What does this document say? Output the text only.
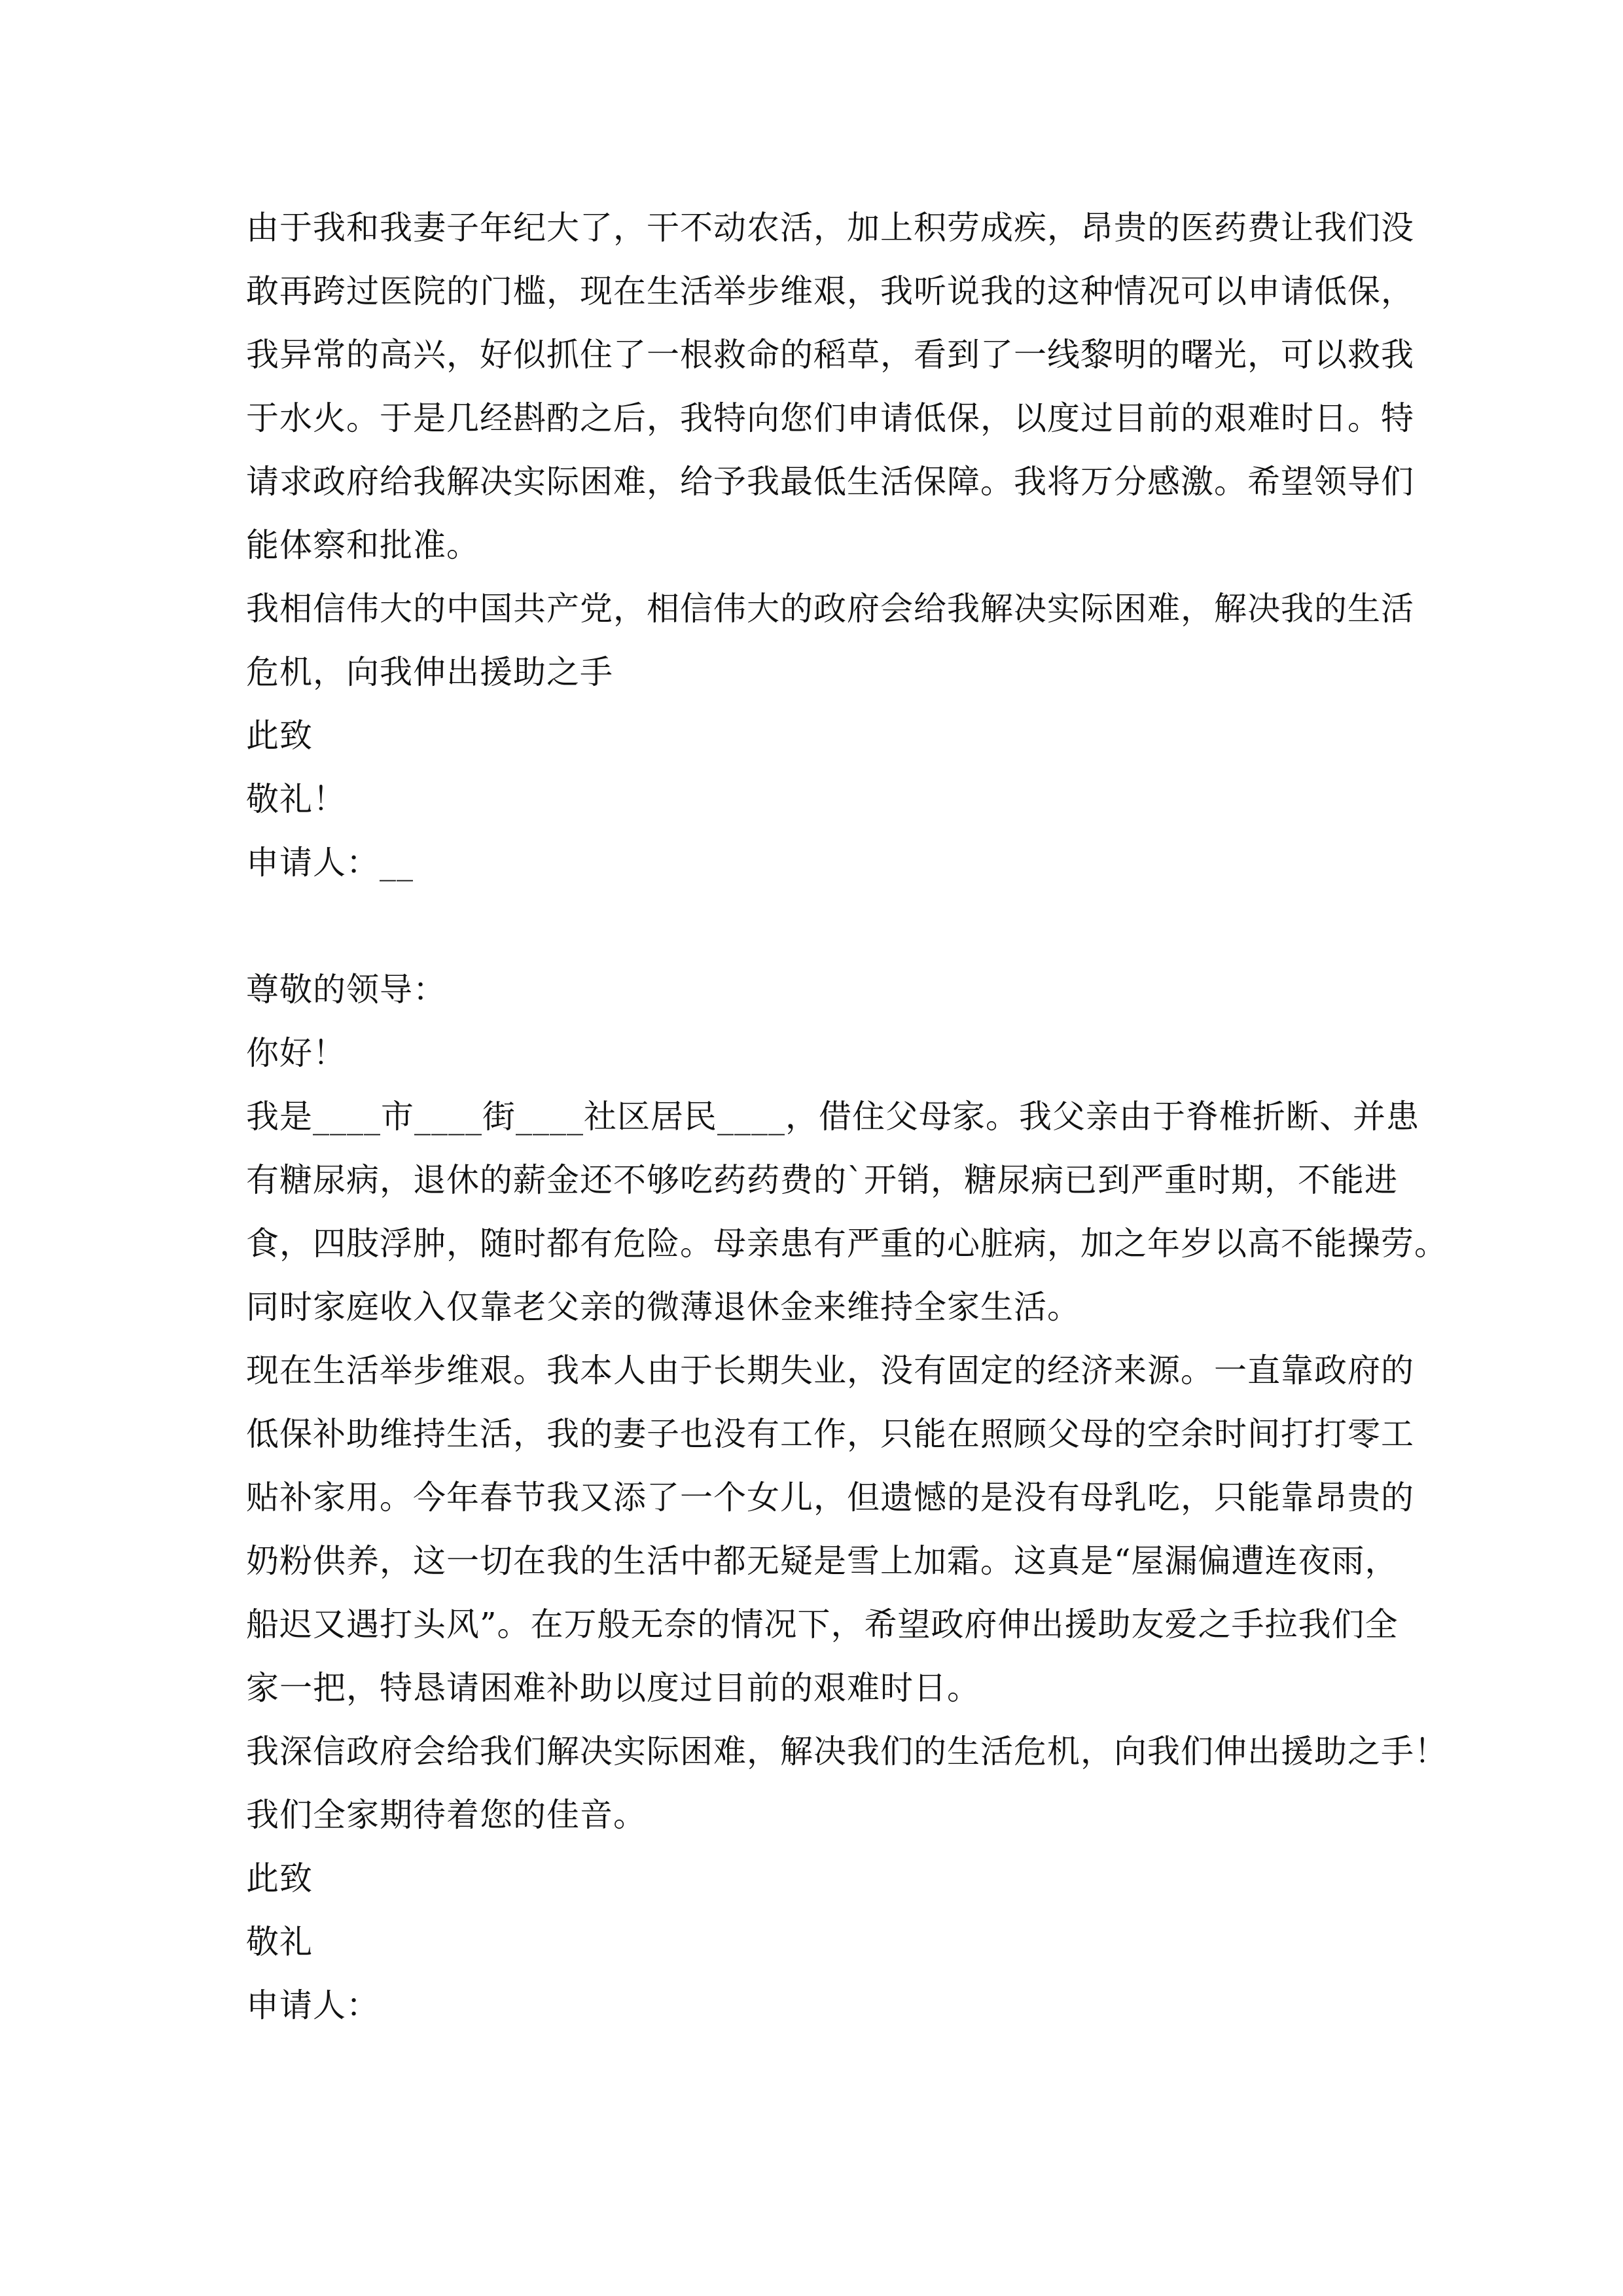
由于我和我妻子年纪大了，干不动农活，加上积劳成疾，昂贵的医药费让我们没
敢再跨过医院的门槛，现在生活举步维艰，我听说我的这种情况可以申请低保，
我异常的高兴，好似抓住了一根救命的稻草，看到了一线黎明的曙光，可以救我
于水火。于是几经斟酌之后，我特向您们申请低保，以度过目前的艰难时日。特
请求政府给我解决实际困难，给予我最低生活保障。我将万分感激。希望领导们
能体察和批准。
我相信伟大的中国共产党，相信伟大的政府会给我解决实际困难，解决我的生活
危机，向我伸出援助之手
此致
敬礼！
申请人：__
尊敬的领导：
你好！
我是____市____街____社区居民____，借住父母家。我父亲由于脊椎折断、并患
有糖尿病，退休的薪金还不够吃药药费的`开销，糖尿病已到严重时期，不能进
食，四肢浮肿，随时都有危险。母亲患有严重的心脏病，加之年岁以高不能操劳。
同时家庭收入仅靠老父亲的微薄退休金来维持全家生活。
现在生活举步维艰。我本人由于长期失业，没有固定的经济来源。一直靠政府的
低保补助维持生活，我的妻子也没有工作，只能在照顾父母的空余时间打打零工
贴补家用。今年春节我又添了一个女儿，但遗憾的是没有母乳吃，只能靠昂贵的
奶粉供养，这一切在我的生活中都无疑是雪上加霜。这真是“屋漏偏遭连夜雨，
船迟又遇打头风”。在万般无奈的情况下，希望政府伸出援助友爱之手拉我们全
家一把，特恳请困难补助以度过目前的艰难时日。
我深信政府会给我们解决实际困难，解决我们的生活危机，向我们伸出援助之手！
我们全家期待着您的佳音。
此致
敬礼
申请人：
